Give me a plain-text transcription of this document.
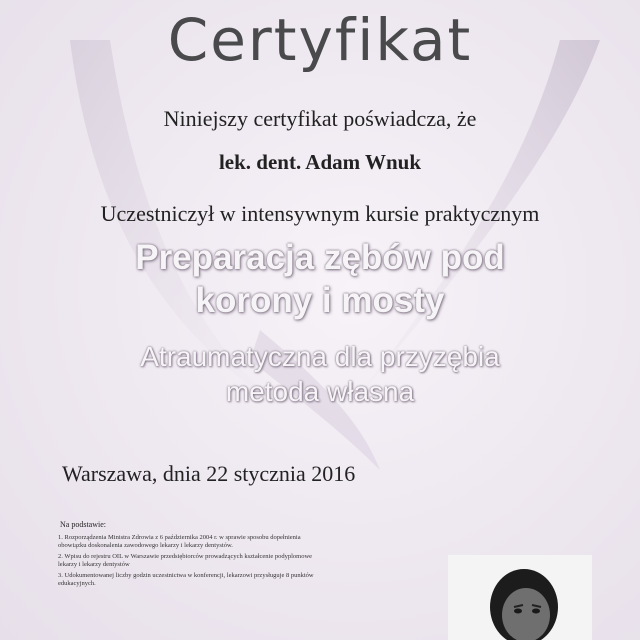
Certyfikat
Niniejszy certyfikat poświadcza, że
lek. dent. Adam Wnuk
Uczestniczył w intensywnym kursie praktycznym
Preparacja zębów pod
korony i mosty
Atraumatyczna dla przyzębia
metoda własna
Warszawa, dnia 22 stycznia 2016
Na podstawie:
1. Rozporządzenia Ministra Zdrowia z 6 października 2004 r. w sprawie sposobu dopełnienia obowiązku doskonalenia zawodowego lekarzy i lekarzy dentystów.
2. Wpisu do rejestru OIL w Warszawie przedsiębiorców prowadzących kształcenie podyplomowe lekarzy i lekarzy dentystów
3. Udokumentowanej liczby godzin uczestnictwa w konferencji, lekarzowi przysługuje 8 punktów edukacyjnych.
